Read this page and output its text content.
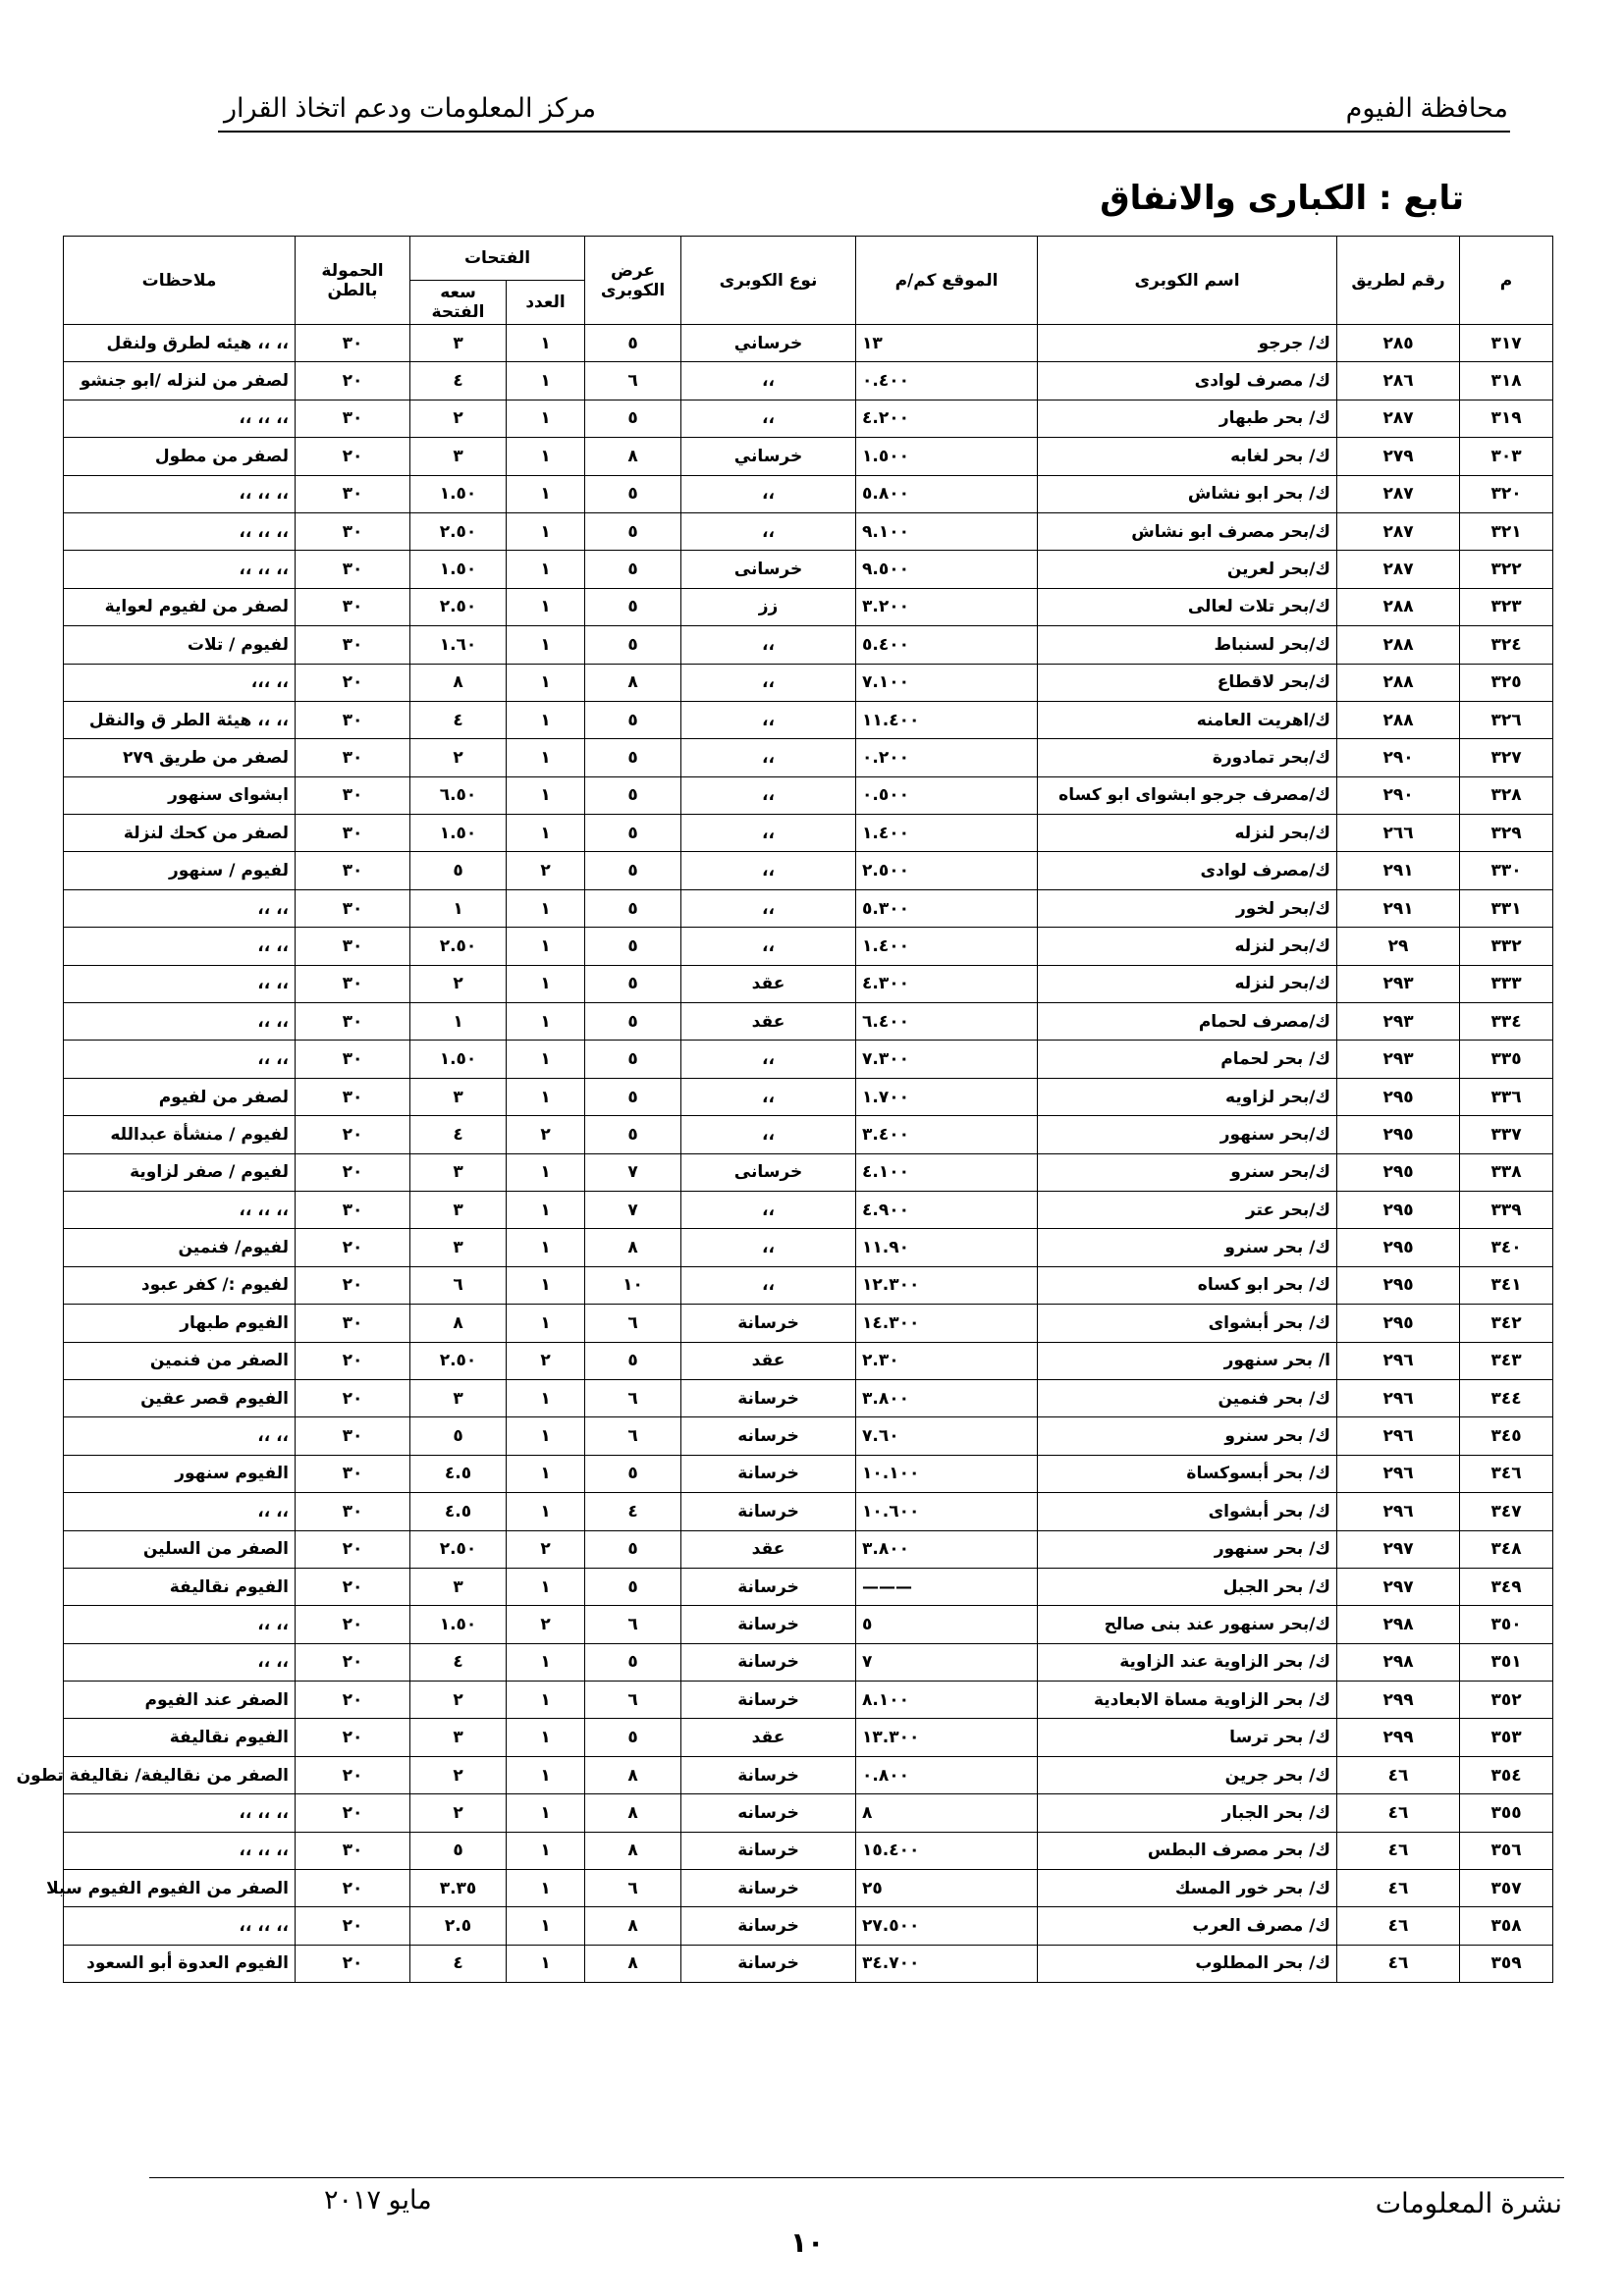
محافظة الفيوم
مركز المعلومات ودعم اتخاذ القرار
تابع : الكبارى والانفاق
م	رقم لطريق	اسم الكوبرى	الموقع كم/م	نوع الكوبرى	عرض
الكوبرى	الفتحات		الحمولة
بالطن	ملاحظات
						العدد	سعه
الفتحة		
٣١٧	٢٨٥	ك/ جرجو	١٣	خرساني	٥	١	٣	٣٠	،، ،، هيئه لطرق ولنقل
٣١٨	٢٨٦	ك/ مصرف لوادى	٠.٤٠٠	،،	٦	١	٤	٢٠	لصفر من لنزله /ابو جنشو
٣١٩	٢٨٧	ك/ بحر طبهار	٤.٢٠٠	،،	٥	١	٢	٣٠	،، ،، ،،
٣٠٣	٢٧٩	ك/ بحر لغابه	١.٥٠٠	خرساني	٨	١	٣	٢٠	لصفر من مطول
٣٢٠	٢٨٧	ك/ بحر ابو نشاش	٥.٨٠٠	،،	٥	١	١.٥٠	٣٠	،، ،، ،،
٣٢١	٢٨٧	ك/بحر مصرف ابو نشاش	٩.١٠٠	،،	٥	١	٢.٥٠	٣٠	،، ،، ،،
٣٢٢	٢٨٧	ك/بحر لعرين	٩.٥٠٠	خرسانى	٥	١	١.٥٠	٣٠	،، ،، ،،
٣٢٣	٢٨٨	ك/بحر تلات لعالى	٣.٢٠٠	زز	٥	١	٢.٥٠	٣٠	لصفر من لفيوم لعواية
٣٢٤	٢٨٨	ك/بحر لسنباط	٥.٤٠٠	،،	٥	١	١.٦٠	٣٠	لفيوم / تلات
٣٢٥	٢٨٨	ك/بحر لاقطاع	٧.١٠٠	،،	٨	١	٨	٢٠	،، ،،،
٣٢٦	٢٨٨	ك/اهريت العامنه	١١.٤٠٠	،،	٥	١	٤	٣٠	،، ،، هيئة الطر ق والنقل
٣٢٧	٢٩٠	ك/بحر تمادورة	٠.٢٠٠	،،	٥	١	٢	٣٠	لصفر من طريق ٢٧٩
٣٢٨	٢٩٠	ك/مصرف جرجو ابشواى ابو كساه	٠.٥٠٠	،،	٥	١	٦.٥٠	٣٠	ابشواى سنهور
٣٢٩	٢٦٦	ك/بحر لنزله	١.٤٠٠	،،	٥	١	١.٥٠	٣٠	لصفر من كحك لنزلة
٣٣٠	٢٩١	ك/مصرف لوادى	٢.٥٠٠	،،	٥	٢	٥	٣٠	لفيوم / سنهور
٣٣١	٢٩١	ك/بحر لخور	٥.٣٠٠	،،	٥	١	١	٣٠	،، ،،
٣٣٢	٢٩	ك/بحر لنزله	١.٤٠٠	،،	٥	١	٢.٥٠	٣٠	،، ،،
٣٣٣	٢٩٣	ك/بحر لنزله	٤.٣٠٠	عقد	٥	١	٢	٣٠	،، ،،
٣٣٤	٢٩٣	ك/مصرف لحمام	٦.٤٠٠	عقد	٥	١	١	٣٠	،، ،،
٣٣٥	٢٩٣	ك/ بحر لحمام	٧.٣٠٠	،،	٥	١	١.٥٠	٣٠	،، ،،
٣٣٦	٢٩٥	ك/بحر لزاويه	١.٧٠٠	،،	٥	١	٣	٣٠	لصفر من لفيوم
٣٣٧	٢٩٥	ك/بحر سنهور	٣.٤٠٠	،،	٥	٢	٤	٢٠	لفيوم / منشأة عبدالله
٣٣٨	٢٩٥	ك/بحر سنرو	٤.١٠٠	خرسانى	٧	١	٣	٢٠	لفيوم / صفر لزاوية
٣٣٩	٢٩٥	ك/بحر عتر	٤.٩٠٠	،،	٧	١	٣	٣٠	،، ،، ،،
٣٤٠	٢٩٥	ك/ بحر سنرو	١١.٩٠	،،	٨	١	٣	٢٠	لفيوم/ فنمين
٣٤١	٢٩٥	ك/ بحر ابو كساه	١٢.٣٠٠	،،	١٠	١	٦	٢٠	لفيوم :/ كفر عبود
٣٤٢	٢٩٥	ك/ بحر أبشواى	١٤.٣٠٠	خرسانة	٦	١	٨	٣٠	الفيوم طبهار
٣٤٣	٢٩٦	ا/ بحر سنهور	٢.٣٠	عقد	٥	٢	٢.٥٠	٢٠	الصفر من فنمين
٣٤٤	٢٩٦	ك/ بحر فنمين	٣.٨٠٠	خرسانة	٦	١	٣	٢٠	الفيوم قصر عقين
٣٤٥	٢٩٦	ك/ بحر سنرو	٧.٦٠	خرسانه	٦	١	٥	٣٠	،، ،،
٣٤٦	٢٩٦	ك/ بحر أبسوكساة	١٠.١٠٠	خرسانة	٥	١	٤.٥	٣٠	الفيوم سنهور
٣٤٧	٢٩٦	ك/ بحر أبشواى	١٠.٦٠٠	خرسانة	٤	١	٤.٥	٣٠	،، ،،
٣٤٨	٢٩٧	ك/ بحر سنهور	٣.٨٠٠	عقد	٥	٢	٢.٥٠	٢٠	الصفر من السلين
٣٤٩	٢٩٧	ك/ بحر الجبل	———	خرسانة	٥	١	٣	٢٠	الفيوم نقاليفة
٣٥٠	٢٩٨	ك/بحر سنهور عند بنى صالح	٥	خرسانة	٦	٢	١.٥٠	٢٠	،، ،،
٣٥١	٢٩٨	ك/ بحر الزاوية عند الزاوية	٧	خرسانة	٥	١	٤	٢٠	،، ،،
٣٥٢	٢٩٩	ك/ بحر الزاوية مساة الابعادية	٨.١٠٠	خرسانة	٦	١	٢	٢٠	الصفر عند الفيوم
٣٥٣	٢٩٩	ك/ بحر ترسا	١٣.٣٠٠	عقد	٥	١	٣	٢٠	الفيوم نقاليفة
٣٥٤	٤٦	ك/ بحر جرين	٠.٨٠٠	خرسانة	٨	١	٢	٢٠	الصفر من نقاليفة/ نقاليفة تطون
٣٥٥	٤٦	ك/ بحر الجبار	٨	خرسانه	٨	١	٢	٢٠	،، ،، ،،
٣٥٦	٤٦	ك/ بحر مصرف البطس	١٥.٤٠٠	خرسانة	٨	١	٥	٣٠	،، ،، ،،
٣٥٧	٤٦	ك/ بحر خور المسك	٢٥	خرسانة	٦	١	٣.٣٥	٢٠	الصفر من الفيوم الفيوم سيلا
٣٥٨	٤٦	ك/ مصرف العرب	٢٧.٥٠٠	خرسانة	٨	١	٢.٥	٢٠	،، ،، ،،
٣٥٩	٤٦	ك/ بحر المطلوب	٣٤.٧٠٠	خرسانة	٨	١	٤	٢٠	الفيوم العدوة أبو السعود
نشرة المعلومات
مايو ٢٠١٧
١٠
